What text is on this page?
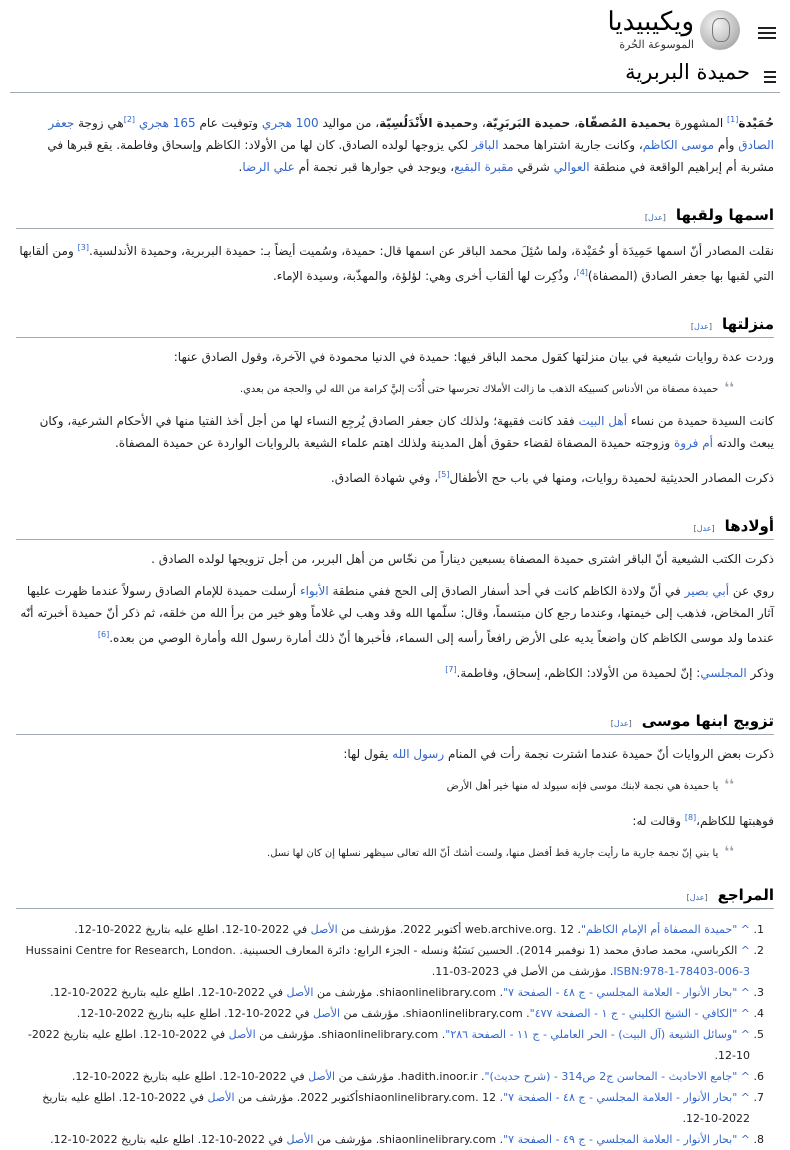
ويكيبيديا
الموسوعة الحُرة
حميدة البربرية

حُمَيْدة[1] المشهورة بحميدة المُصفّاة، حميدة البَربَرِيّة، وحميدة الأَنْدَلُسِيّة، من مواليد 100 هجري وتوفيت عام 165 هجري [2]هي زوجة جعفر الصادق وأم موسى الكاظم، وكانت جارية اشتراها محمد الباقر لكي يزوجها لولده الصادق. كان لها من الأولاد: الكاظم وإسحاق وفاطمة. يقع قبرها في مشربة أم إبراهيم الواقعة في منطقة العوالي شرقي مقبرة البقيع، ويوجد في جوارها قبر نجمة أم علي الرضا.

اسمها ولقبها
[ عدل ]

نقلت المصادر أنّ اسمها حَمِيدَة أو حُمَيْدة، ولما سُئِلَ محمد الباقر عن اسمها قال: حميدة، وسُميت أيضاً بـ: حميدة البربرية، وحميدة الأندلسية.[3] ومن ألقابها التي لقبها بها جعفر الصادق (المصفاة)[4]، وذُكِرت لها ألقاب أخرى وهي: لؤلؤة، والمهذّبة، وسيدة الإماء.

منزلتها
[ عدل ]

وردت عدة روايات شيعية في بيان منزلتها كقول محمد الباقر فيها: حميدة في الدنيا محمودة في الآخرة، وقول الصادق عنها:

❛❛حميدة مصفاة من الأدناس كسبيكة الذهب ما زالت الأملاك تحرسها حتى أُدّت إليَّ كرامة من الله لي والحجة من بعدي.

كانت السيدة حميدة من نساء أهل البيت فقد كانت فقيهة؛ ولذلك كان جعفر الصادق يُرجِع النساء لها من أجل أخذ الفتيا منها في الأحكام الشرعية، وكان يبعث والدته أم فروة وزوجته حميدة المصفاة لقضاء حقوق أهل المدينة ولذلك اهتم علماء الشيعة بالروايات الواردة عن حميدة المصفاة.

ذكرت المصادر الحديثية لحميدة روايات، ومنها في باب حج الأطفال[5]، وفي شهادة الصادق.

أولادها
[ عدل ]

ذكرت الكتب الشيعية أنّ الباقر اشترى حميدة المصفاة بسبعين ديناراً من نخّاس من أهل البربر، من أجل تزويجها لولده الصادق .

روي عن أبي بصير في أنّ ولادة الكاظم كانت في أحد أسفار الصادق إلى الحج ففي منطقة الأبواء أرسلت حميدة للإمام الصادق رسولاً عندما ظهرت عليها آثار المخاض، فذهب إلى خيمتها، وعندما رجع كان مبتسماً، وقال: سلّمها الله وقد وهب لي غلاماً وهو خير من برأ الله من خلقه، ثم ذكر أنّ حميدة أخبرته أنّه عندما ولد موسى الكاظم كان واضعاً يديه على الأرض رافعاً رأسه إلى السماء، فأخبرها أنّ ذلك أمارة رسول الله وأمارة الوصي من بعده.[6]

وذكر المجلسي: إنّ لحميدة من الأولاد: الكاظم، إسحاق، وفاطمة.[7]

تزويج ابنها موسى
[ عدل ]

ذكرت بعض الروايات أنّ حميدة عندما اشترت نجمة رأت في المنام رسول الله يقول لها:

❛❛يا حميدة هي نجمة لابنك موسى فإنه سيولد له منها خير أهل الأرض

فوهبتها للكاظم،[8] وقالت له:

❛❛يا بني إنّ نجمة جارية ما رأيت جارية قط أفضل منها، ولست أشك أنّ الله تعالى سيظهر نسلها إن كان لها نسل.
المراجع
[ عدل ]
1. ^ "حميدة المصفاة أم الإمام الكاظم". web.archive.org. 12 أكتوبر 2022. مؤرشف من الأصل في 2022-10-12. اطلع عليه بتاريخ 2022-10-12.
2. ^ الكرباسي، محمد صادق محمد (1 نوفمبر 2014). الحسين نَسَبُهُ ونسله - الجزء الرابع: دائرة المعارف الحسينية. Hussaini Centre for Research, London. ISBN:978-1-78403-006-3. مؤرشف من الأصل في 2023-03-11.
3. ^ "بحار الأنوار - العلامة المجلسي - ج ٤٨ - الصفحة ٧". shiaonlinelibrary.com. مؤرشف من الأصل في 2022-10-12. اطلع عليه بتاريخ 2022-10-12.
4. ^ "الكافي - الشيخ الكليني - ج ١ - الصفحة ٤٧٧". shiaonlinelibrary.com. مؤرشف من الأصل في 2022-10-12. اطلع عليه بتاريخ 2022-10-12.
5. ^ "وسائل الشيعة (آل البيت) - الحر العاملي - ج ١١ - الصفحة ٢٨٦". shiaonlinelibrary.com. مؤرشف من الأصل في 2022-10-12. اطلع عليه بتاريخ 2022-10-12.
6. ^ "جامع الاحاديث - المحاسن ج2 ص314 - (شرح حديث)". hadith.inoor.ir. مؤرشف من الأصل في 2022-10-12. اطلع عليه بتاريخ 2022-10-12.
7. ^ "بحار الأنوار - العلامة المجلسي - ج ٤٨ - الصفحة ٧". shiaonlinelibrary.com. 12أكتوبر 2022. مؤرشف من الأصل في 2022-10-12. اطلع عليه بتاريخ 2022-10-12.
8. ^ "بحار الأنوار - العلامة المجلسي - ج ٤٩ - الصفحة ٧". shiaonlinelibrary.com. مؤرشف من الأصل في 2022-10-12. اطلع عليه بتاريخ 2022-10-12.
